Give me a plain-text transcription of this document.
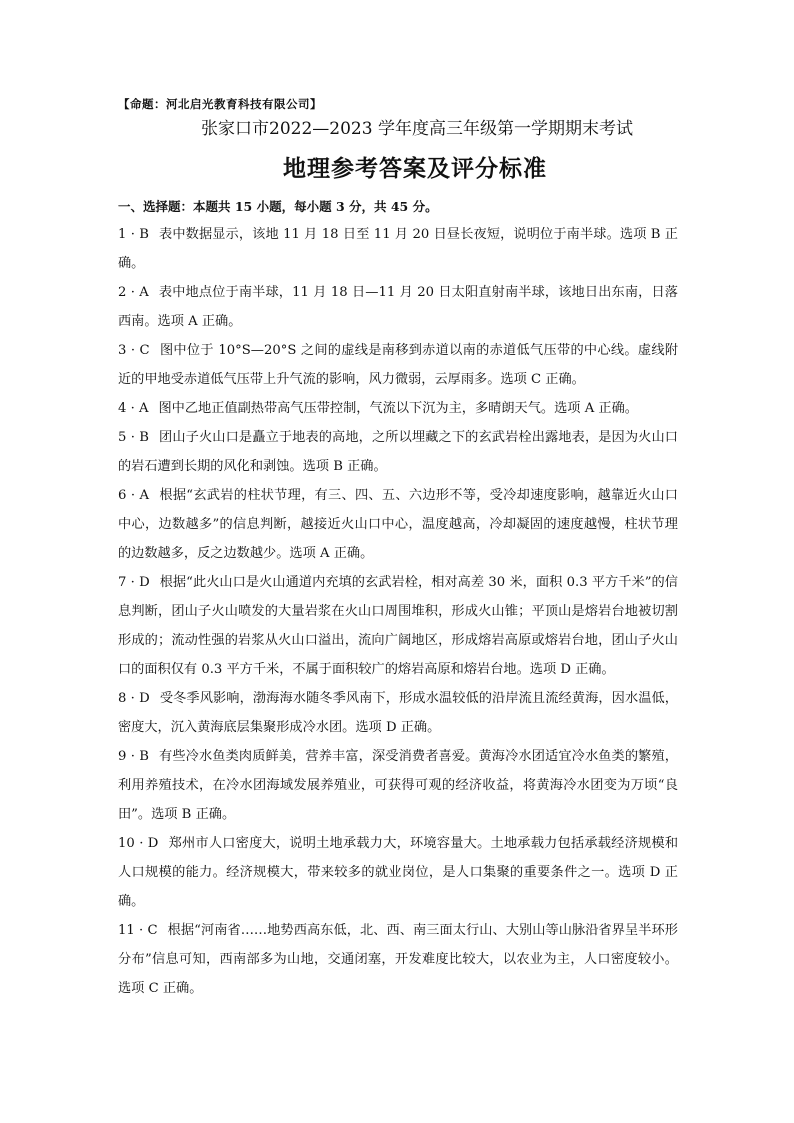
【命题：河北启光教育科技有限公司】
张家口市2022—2023 学年度高三年级第一学期期末考试
地理参考答案及评分标准
一、选择题：本题共 15 小题，每小题 3 分，共 45 分。

1 · B 表中数据显示，该地 11 月 18 日至 11 月 20 日昼长夜短，说明位于南半球。选项 B 正确。

2 · A 表中地点位于南半球，11 月 18 日—11 月 20 日太阳直射南半球，该地日出东南，日落西南。选项 A 正确。

3 · C 图中位于 10°S—20°S 之间的虚线是南移到赤道以南的赤道低气压带的中心线。虚线附近的甲地受赤道低气压带上升气流的影响，风力微弱，云厚雨多。选项 C 正确。

4 · A 图中乙地正值副热带高气压带控制，气流以下沉为主，多晴朗天气。选项 A 正确。

5 · B 团山子火山口是矗立于地表的高地，之所以埋藏之下的玄武岩栓出露地表，是因为火山口的岩石遭到长期的风化和剥蚀。选项 B 正确。

6 · A 根据“玄武岩的柱状节理，有三、四、五、六边形不等，受冷却速度影响，越靠近火山口中心，边数越多”的信息判断，越接近火山口中心，温度越高，冷却凝固的速度越慢，柱状节理的边数越多，反之边数越少。选项 A 正确。

7 · D 根据“此火山口是火山通道内充填的玄武岩栓，相对高差 30 米，面积 0.3 平方千米”的信息判断，团山子火山喷发的大量岩浆在火山口周围堆积，形成火山锥；平顶山是熔岩台地被切割形成的；流动性强的岩浆从火山口溢出，流向广阔地区，形成熔岩高原或熔岩台地，团山子火山口的面积仅有 0.3 平方千米，不属于面积较广的熔岩高原和熔岩台地。选项 D 正确。

8 · D 受冬季风影响，渤海海水随冬季风南下，形成水温较低的沿岸流且流经黄海，因水温低，密度大，沉入黄海底层集聚形成冷水团。选项 D 正确。

9 · B 有些冷水鱼类肉质鲜美，营养丰富，深受消费者喜爱。黄海冷水团适宜冷水鱼类的繁殖，利用养殖技术，在冷水团海域发展养殖业，可获得可观的经济收益，将黄海冷水团变为万顷“良田”。选项 B 正确。

10 · D 郑州市人口密度大，说明土地承载力大，环境容量大。土地承载力包括承载经济规模和人口规模的能力。经济规模大，带来较多的就业岗位，是人口集聚的重要条件之一。选项 D 正确。

11 · C 根据“河南省……地势西高东低，北、西、南三面太行山、大别山等山脉沿省界呈半环形分布”信息可知，西南部多为山地，交通闭塞，开发难度比较大，以农业为主，人口密度较小。选项 C 正确。
